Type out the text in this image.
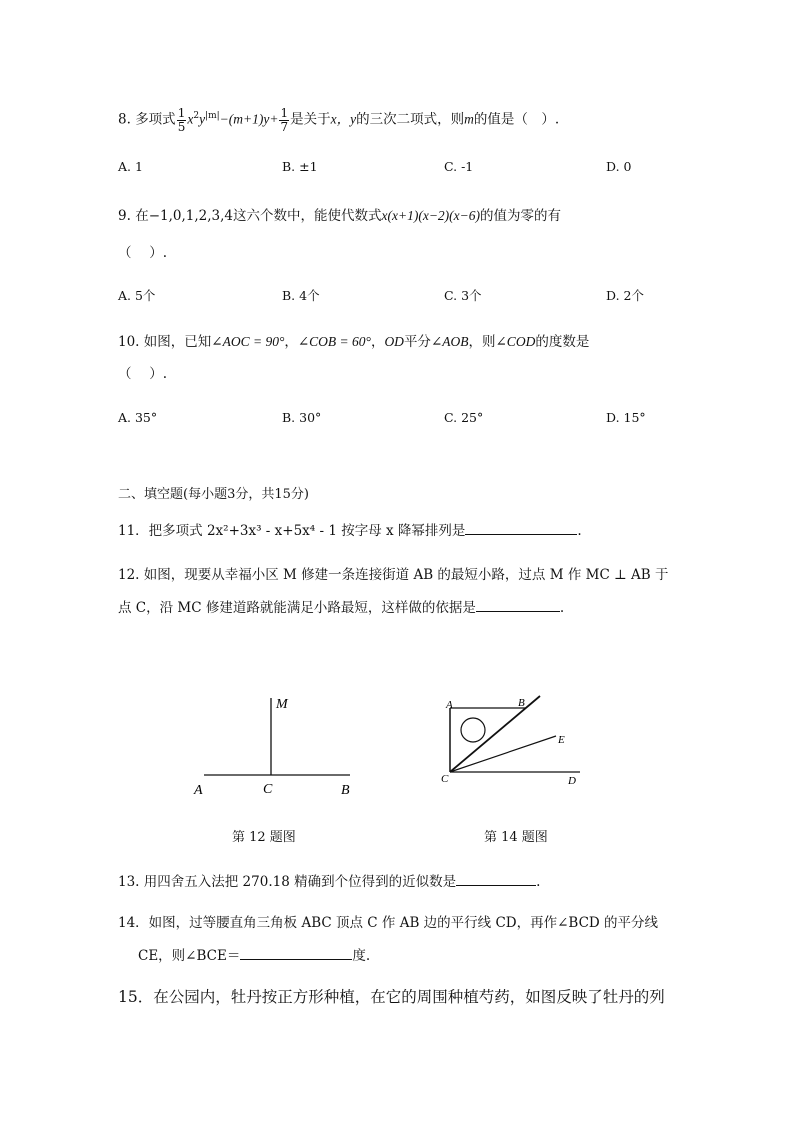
8. 多项式 $\frac{1}{5} x^2y^{|m|}-(m+1)y+ \frac{1}{7}$ 是关于x，y的三次二项式，则m的值是（　）.
A. 1	B. ±1	C. -1	D. 0
9. 在−1,0,1,2,3,4这六个数中，能使代数式x(x+1)(x−2)(x−6)的值为零的有
（　 ）.
A. 5个	B. 4个	C. 3个	D. 2个
10. 如图，已知∠AOC = 90°，∠COB = 60°，OD平分∠AOB，则∠COD的度数是
（　 ）.
A. 35°	B. 30°	C. 25°	D. 15°
二、填空题(每小题3分，共15分)
11．把多项式 2x²+3x³ - x+5x⁴ - 1 按字母 x 降幂排列是	.
12. 如图，现要从幸福小区 M 修建一条连接街道 AB 的最短小路，过点 M 作 MC ⊥ AB 于
点 C，沿 MC 修建道路就能满足小路最短，这样做的依据是	.
M
A	C	B
第 12 题图
A	B
E
C	D
第 14 题图
13. 用四舍五入法把 270.18 精确到个位得到的近似数是	.
14．如图，过等腰直角三角板 ABC 顶点 C 作 AB 边的平行线 CD，再作∠BCD 的平分线
CE，则∠BCE＝	度.
15．在公园内，牡丹按正方形种植，在它的周围种植芍药，如图反映了牡丹的列
